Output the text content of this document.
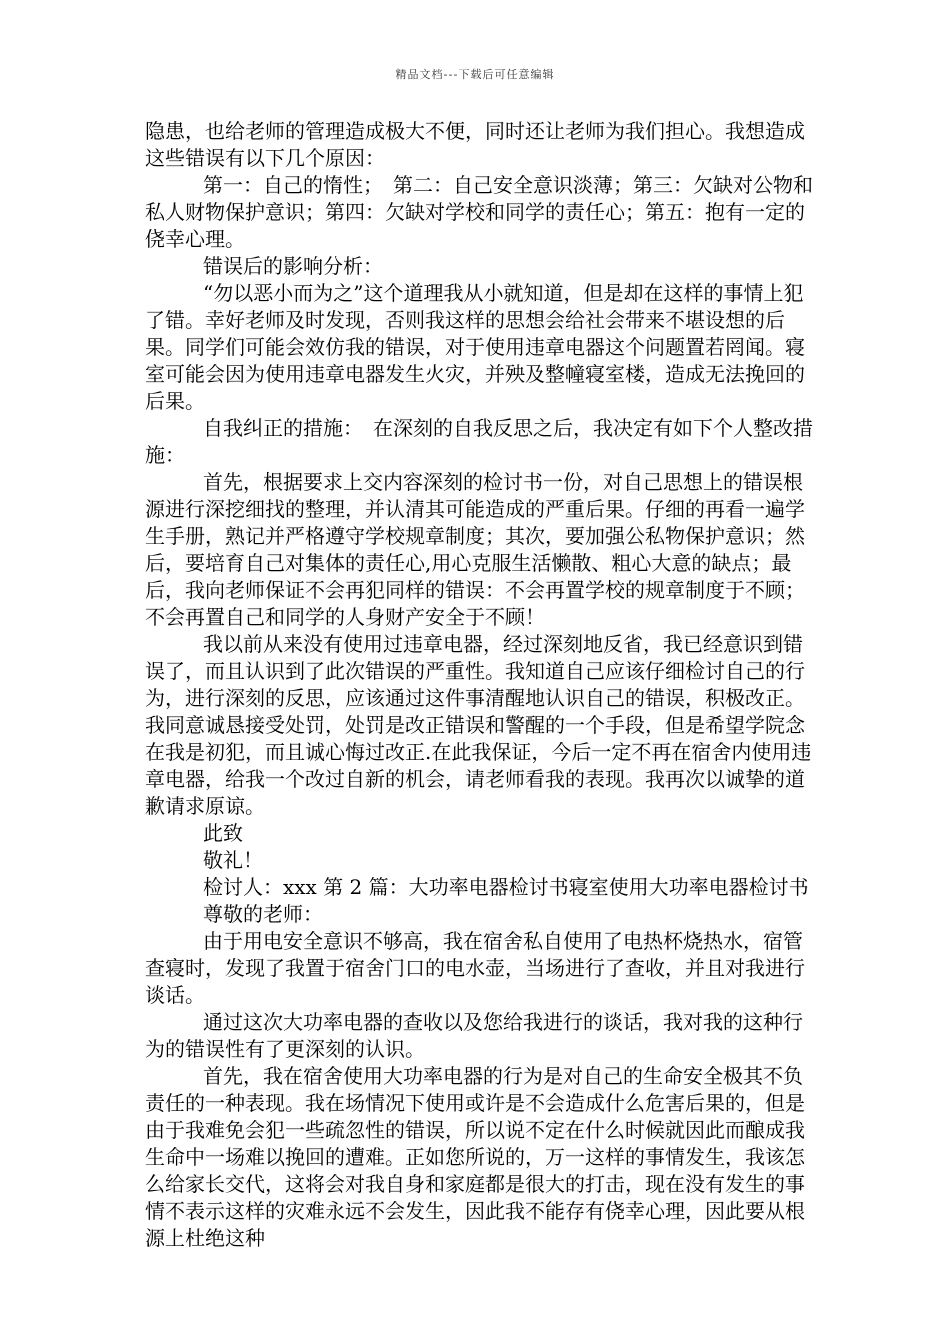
精品文档---下载后可任意编辑

隐患，也给老师的管理造成极大不便，同时还让老师为我们担心。我想造成这些错误有以下几个原因：

第一：自己的惰性；　第二：自己安全意识淡薄；第三：欠缺对公物和私人财物保护意识；第四：欠缺对学校和同学的责任心；第五：抱有一定的侥幸心理。

错误后的影响分析：

“勿以恶小而为之”这个道理我从小就知道，但是却在这样的事情上犯了错。幸好老师及时发现，否则我这样的思想会给社会带来不堪设想的后果。同学们可能会效仿我的错误，对于使用违章电器这个问题置若罔闻。寝室可能会因为使用违章电器发生火灾，并殃及整幢寝室楼，造成无法挽回的后果。

自我纠正的措施：　在深刻的自我反思之后，我决定有如下个人整改措施：

首先，根据要求上交内容深刻的检讨书一份，对自己思想上的错误根源进行深挖细找的整理，并认清其可能造成的严重后果。仔细的再看一遍学生手册，熟记并严格遵守学校规章制度；其次，要加强公私物保护意识；然后，要培育自己对集体的责任心,用心克服生活懒散、粗心大意的缺点；最后，我向老师保证不会再犯同样的错误：不会再置学校的规章制度于不顾；不会再置自己和同学的人身财产安全于不顾！

我以前从来没有使用过违章电器，经过深刻地反省，我已经意识到错误了，而且认识到了此次错误的严重性。我知道自己应该仔细检讨自己的行为，进行深刻的反思，应该通过这件事清醒地认识自己的错误，积极改正。我同意诚恳接受处罚，处罚是改正错误和警醒的一个手段，但是希望学院念在我是初犯，而且诚心悔过改正.在此我保证，今后一定不再在宿舍内使用违章电器，给我一个改过自新的机会，请老师看我的表现。我再次以诚挚的道歉请求原谅。

此致

敬礼！

检讨人：xxx 第 2 篇：大功率电器检讨书寝室使用大功率电器检讨书

尊敬的老师：

由于用电安全意识不够高，我在宿舍私自使用了电热杯烧热水，宿管查寝时，发现了我置于宿舍门口的电水壶，当场进行了查收，并且对我进行谈话。

通过这次大功率电器的查收以及您给我进行的谈话，我对我的这种行为的错误性有了更深刻的认识。

首先，我在宿舍使用大功率电器的行为是对自己的生命安全极其不负责任的一种表现。我在场情况下使用或许是不会造成什么危害后果的，但是由于我难免会犯一些疏忽性的错误，所以说不定在什么时候就因此而酿成我生命中一场难以挽回的遭难。正如您所说的，万一这样的事情发生，我该怎么给家长交代，这将会对我自身和家庭都是很大的打击，现在没有发生的事情不表示这样的灾难永远不会发生，因此我不能存有侥幸心理，因此要从根源上杜绝这种
